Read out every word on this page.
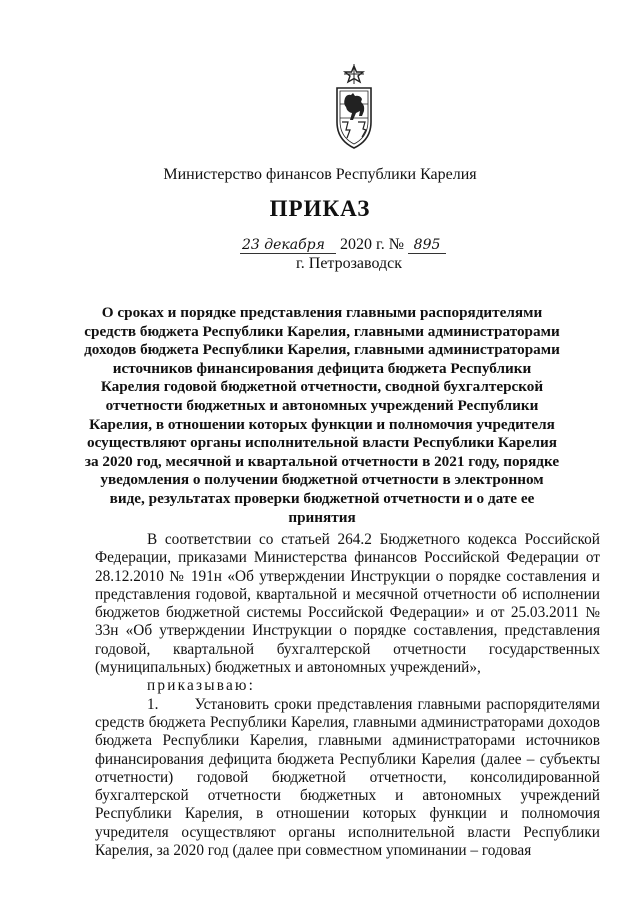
Министерство финансов Республики Карелия
ПРИКАЗ
23 декабря 2020 г. № 895
г. Петрозаводск
О сроках и порядке представления главными распорядителями средств бюджета Республики Карелия, главными администраторами доходов бюджета Республики Карелия, главными администраторами источников финансирования дефицита бюджета Республики Карелия годовой бюджетной отчетности, сводной бухгалтерской отчетности бюджетных и автономных учреждений Республики Карелия, в отношении которых функции и полномочия учредителя осуществляют органы исполнительной власти Республики Карелия за 2020 год, месячной и квартальной отчетности в 2021 году, порядке уведомления о получении бюджетной отчетности в электронном виде, результатах проверки бюджетной отчетности и о дате ее принятия

В соответствии со статьей 264.2 Бюджетного кодекса Российской Федерации, приказами Министерства финансов Российской Федерации от 28.12.2010 № 191н «Об утверждении Инструкции о порядке составления и представления годовой, квартальной и месячной отчетности об исполнении бюджетов бюджетной системы Российской Федерации» и от 25.03.2011 № 33н «Об утверждении Инструкции о порядке составления, представления годовой, квартальной бухгалтерской отчетности государственных (муниципальных) бюджетных и автономных учреждений»,

приказываю:

1. Установить сроки представления главными распорядителями средств бюджета Республики Карелия, главными администраторами доходов бюджета Республики Карелия, главными администраторами источников финансирования дефицита бюджета Республики Карелия (далее – субъекты отчетности) годовой бюджетной отчетности, консолидированной бухгалтерской отчетности бюджетных и автономных учреждений Республики Карелия, в отношении которых функции и полномочия учредителя осуществляют органы исполнительной власти Республики Карелия, за 2020 год (далее при совместном упоминании – годовая
